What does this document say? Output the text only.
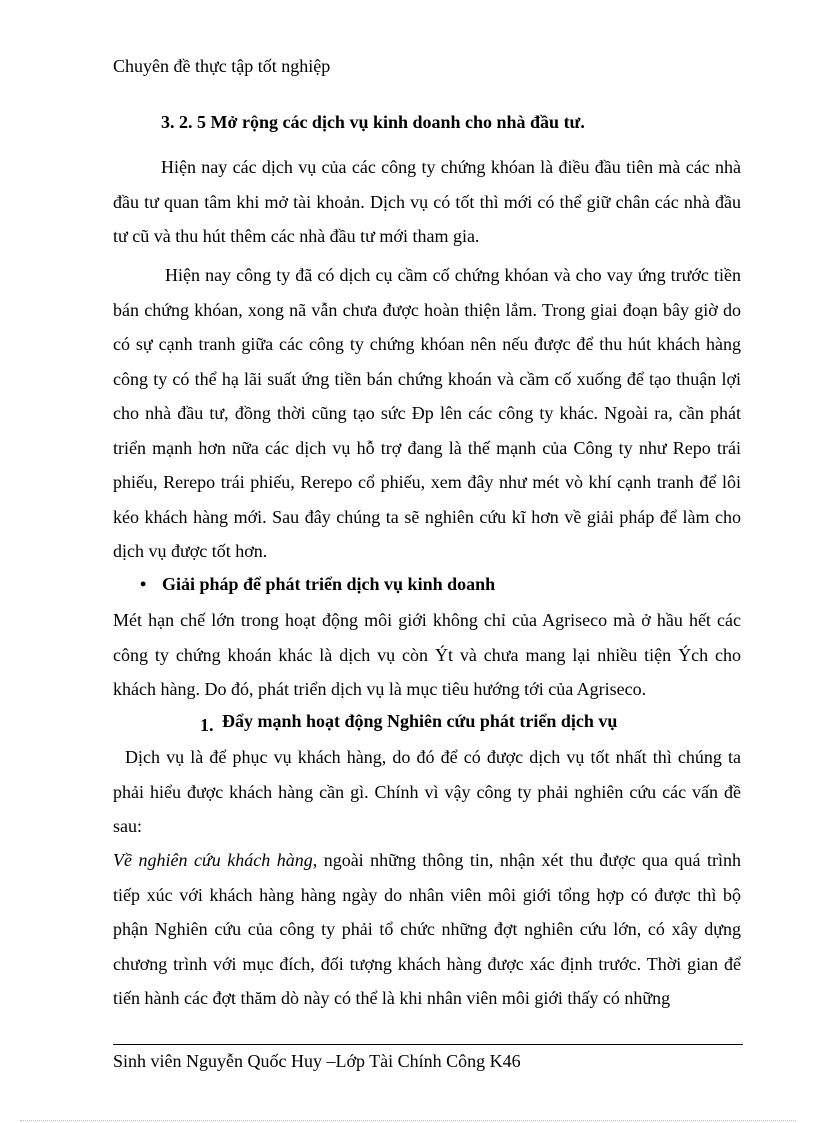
Chuyên đề thực tập tốt nghiệp
3. 2. 5 Mở rộng các dịch vụ kinh doanh cho nhà đầu tư.
Hiện nay các dịch vụ của các công ty chứng khóan là điều đầu tiên mà các nhà đầu tư quan tâm khi mở tài khoản. Dịch vụ có tốt thì mới có thể giữ chân các nhà đầu tư cũ và thu hút thêm các nhà đầu tư mới tham gia.
Hiện nay công ty đã có dịch cụ cầm cố chứng khóan và cho vay ứng trước tiền bán chứng khóan, xong nã vẫn chưa được hoàn thiện lắm. Trong giai đoạn bây giờ do có sự cạnh tranh giữa các công ty chứng khóan nên nếu được để thu hút khách hàng công ty có thể hạ lãi suất ứng tiền bán chứng khoán và cầm cố xuống để tạo thuận lợi cho nhà đầu tư, đồng thời cũng tạo sức Ðp lên các công ty khác. Ngoài ra, cần phát triển mạnh hơn nữa các dịch vụ hỗ trợ đang là thế mạnh của Công ty như Repo trái phiếu, Rerepo trái phiếu, Rerepo cổ phiếu, xem đây như mét vò khí cạnh tranh để lôi kéo khách hàng mới. Sau đây chúng ta sẽ nghiên cứu kĩ hơn về giải pháp để làm cho dịch vụ được tốt hơn.
• Giải pháp để phát triển dịch vụ kinh doanh
Mét hạn chế lớn trong hoạt động môi giới không chỉ của Agriseco mà ở hầu hết các công ty chứng khoán khác là dịch vụ còn Ýt và chưa mang lại nhiều tiện Ých cho khách hàng. Do đó, phát triển dịch vụ là mục tiêu hướng tới của Agriseco.
1. Đẩy mạnh hoạt động Nghiên cứu phát triển dịch vụ
Dịch vụ là để phục vụ khách hàng, do đó để có được dịch vụ tốt nhất thì chúng ta phải hiểu được khách hàng cần gì. Chính vì vậy công ty phải nghiên cứu các vấn đề sau:
Về nghiên cứu khách hàng, ngoài những thông tin, nhận xét thu được qua quá trình tiếp xúc với khách hàng hàng ngày do nhân viên môi giới tổng hợp có được thì bộ phận Nghiên cứu của công ty phải tổ chức những đợt nghiên cứu lớn, có xây dựng chương trình với mục đích, đối tượng khách hàng được xác định trước. Thời gian để tiến hành các đợt thăm dò này có thể là khi nhân viên môi giới thấy có những
Sinh viên Nguyễn Quốc Huy –Lớp Tài Chính Công K46
